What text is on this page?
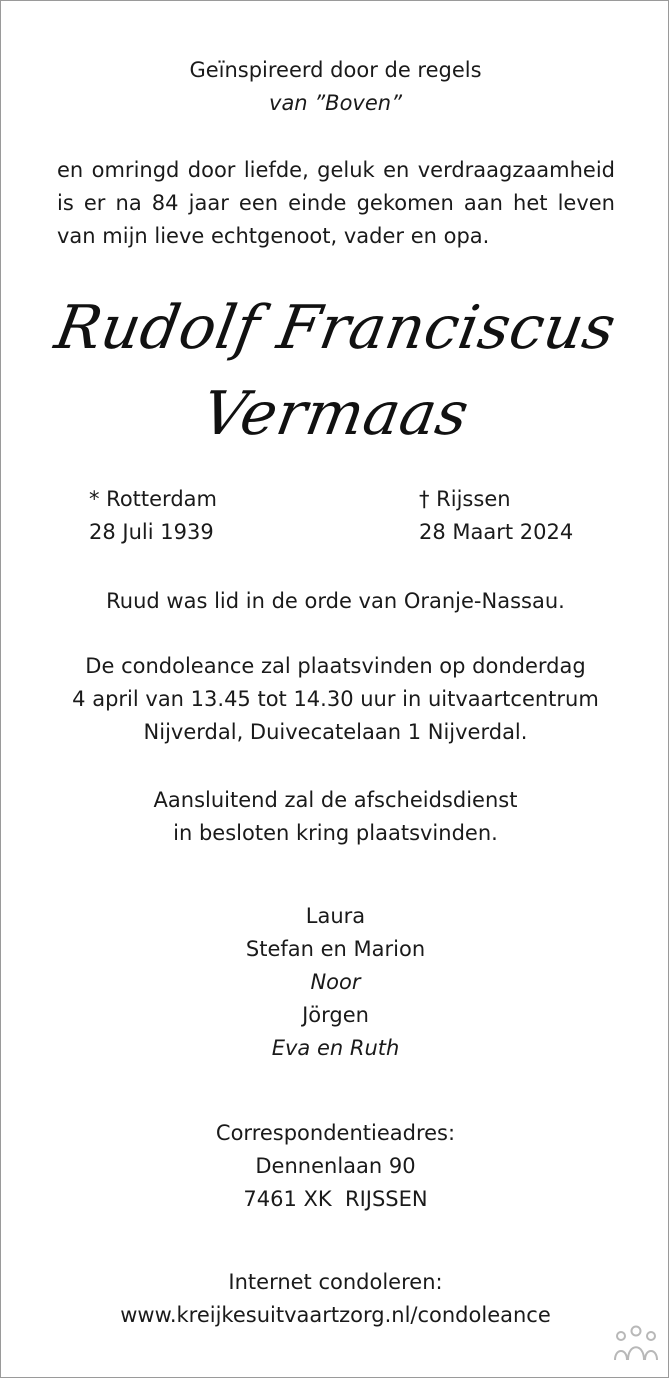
Geïnspireerd door de regels
van ”Boven”
en omringd door liefde, geluk en verdraagzaamheid
is er na 84 jaar een einde gekomen aan het leven
van mijn lieve echtgenoot, vader en opa.
Rudolf Franciscus
Vermaas
* Rotterdam
28 Juli 1939
† Rijssen
28 Maart 2024
Ruud was lid in de orde van Oranje-Nassau.
De condoleance zal plaatsvinden op donderdag
4 april van 13.45 tot 14.30 uur in uitvaartcentrum
Nijverdal, Duivecatelaan 1 Nijverdal.
Aansluitend zal de afscheidsdienst
in besloten kring plaatsvinden.
Laura
Stefan en Marion
Noor
Jörgen
Eva en Ruth
Correspondentieadres:
Dennenlaan 90
7461 XK  RIJSSEN
Internet condoleren:
www.kreijkesuitvaartzorg.nl/condoleance
